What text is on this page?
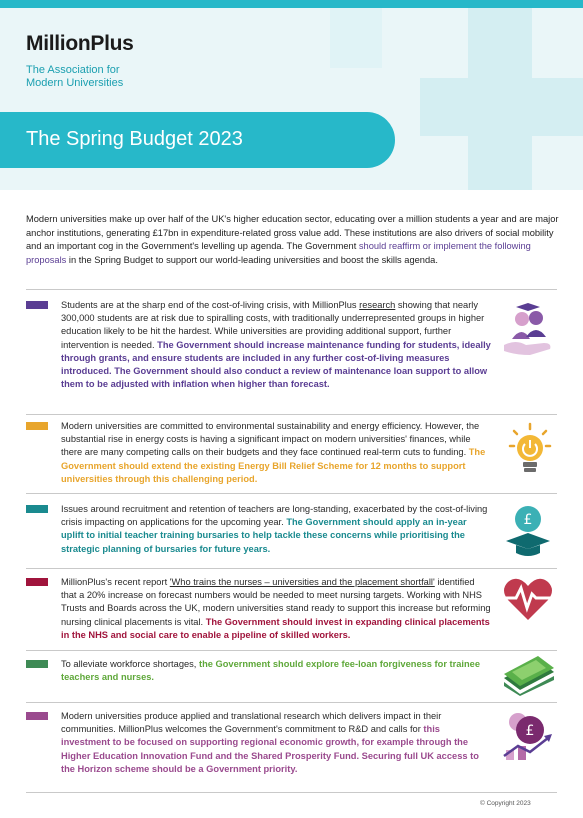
MillionPlus
The Association for
Modern Universities
The Spring Budget 2023

Modern universities make up over half of the UK's higher education sector, educating over a million students a year and are major anchor institutions, generating £17bn in expenditure-related gross value add. These institutions are also drivers of social mobility and an important cog in the Government's levelling up agenda. The Government should reaffirm or implement the following proposals in the Spring Budget to support our world-leading universities and boost the skills agenda.

Students are at the sharp end of the cost-of-living crisis, with MillionPlus research showing that nearly 300,000 students are at risk due to spiralling costs, with traditionally underrepresented groups in higher education likely to be hit the hardest. While universities are providing additional support, further intervention is needed. The Government should increase maintenance funding for students, ideally through grants, and ensure students are included in any further cost-of-living measures introduced. The Government should also conduct a review of maintenance loan support to allow them to be adjusted with inflation when higher than forecast.

Modern universities are committed to environmental sustainability and energy efficiency. However, the substantial rise in energy costs is having a significant impact on modern universities' finances, while there are many competing calls on their budgets and they face continued real-term cuts to funding. The Government should extend the existing Energy Bill Relief Scheme for 12 months to support universities through this challenging period.

Issues around recruitment and retention of teachers are long-standing, exacerbated by the cost-of-living crisis impacting on applications for the upcoming year. The Government should apply an in-year uplift to initial teacher training bursaries to help tackle these concerns while prioritising the strategic planning of bursaries for future years.

£

MillionPlus's recent report 'Who trains the nurses – universities and the placement shortfall' identified that a 20% increase on forecast numbers would be needed to meet nursing targets. Working with NHS Trusts and Boards across the UK, modern universities stand ready to support this increase but reforming nursing clinical placements is vital. The Government should invest in expanding clinical placements in the NHS and social care to enable a pipeline of skilled workers.

To alleviate workforce shortages, the Government should explore fee-loan forgiveness for trainee teachers and nurses.

Modern universities produce applied and translational research which delivers impact in their communities. MillionPlus welcomes the Government's commitment to R&D and calls for this investment to be focused on supporting regional economic growth, for example through the Higher Education Innovation Fund and the Shared Prosperity Fund. Securing full UK access to the Horizon scheme should be a Government priority.

£
© Copyright 2023
